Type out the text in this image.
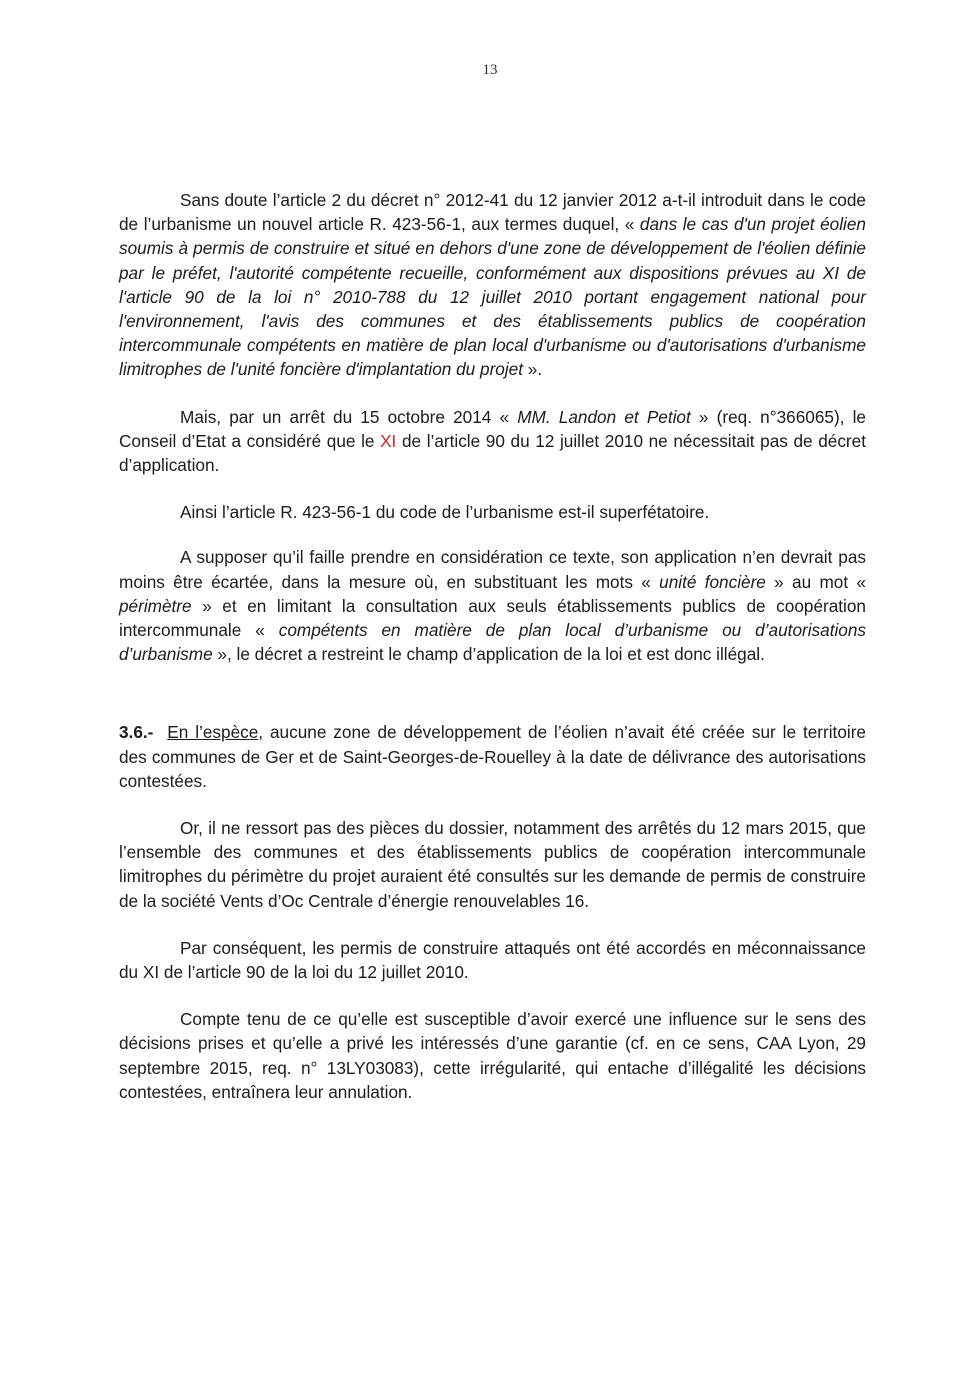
13

Sans doute l’article 2 du décret n° 2012-41 du 12 janvier 2012 a-t-il introduit dans le code de l’urbanisme un nouvel article R. 423-56-1, aux termes duquel, « dans le cas d'un projet éolien soumis à permis de construire et situé en dehors d'une zone de développement de l'éolien définie par le préfet, l'autorité compétente recueille, conformément aux dispositions prévues au XI de l'article 90 de la loi n° 2010-788 du 12 juillet 2010 portant engagement national pour l'environnement, l'avis des communes et des établissements publics de coopération intercommunale compétents en matière de plan local d'urbanisme ou d'autorisations d'urbanisme limitrophes de l'unité foncière d'implantation du projet ».

Mais, par un arrêt du 15 octobre 2014 « MM. Landon et Petiot » (req. n°366065), le Conseil d’Etat a considéré que le XI de l’article 90 du 12 juillet 2010 ne nécessitait pas de décret d’application.

Ainsi l’article R. 423-56-1 du code de l’urbanisme est-il superfétatoire.

A supposer qu’il faille prendre en considération ce texte, son application n’en devrait pas moins être écartée, dans la mesure où, en substituant les mots « unité foncière » au mot « périmètre » et en limitant la consultation aux seuls établissements publics de coopération intercommunale « compétents en matière de plan local d’urbanisme ou d’autorisations d’urbanisme », le décret a restreint le champ d’application de la loi et est donc illégal.

3.6.- En l’espèce, aucune zone de développement de l’éolien n’avait été créée sur le territoire des communes de Ger et de Saint-Georges-de-Rouelley à la date de délivrance des autorisations contestées.

Or, il ne ressort pas des pièces du dossier, notamment des arrêtés du 12 mars 2015, que l’ensemble des communes et des établissements publics de coopération intercommunale limitrophes du périmètre du projet auraient été consultés sur les demande de permis de construire de la société Vents d’Oc Centrale d’énergie renouvelables 16.

Par conséquent, les permis de construire attaqués ont été accordés en méconnaissance du XI de l’article 90 de la loi du 12 juillet 2010.

Compte tenu de ce qu’elle est susceptible d’avoir exercé une influence sur le sens des décisions prises et qu’elle a privé les intéressés d’une garantie (cf. en ce sens, CAA Lyon, 29 septembre 2015, req. n° 13LY03083), cette irrégularité, qui entache d’illégalité les décisions contestées, entraînera leur annulation.
